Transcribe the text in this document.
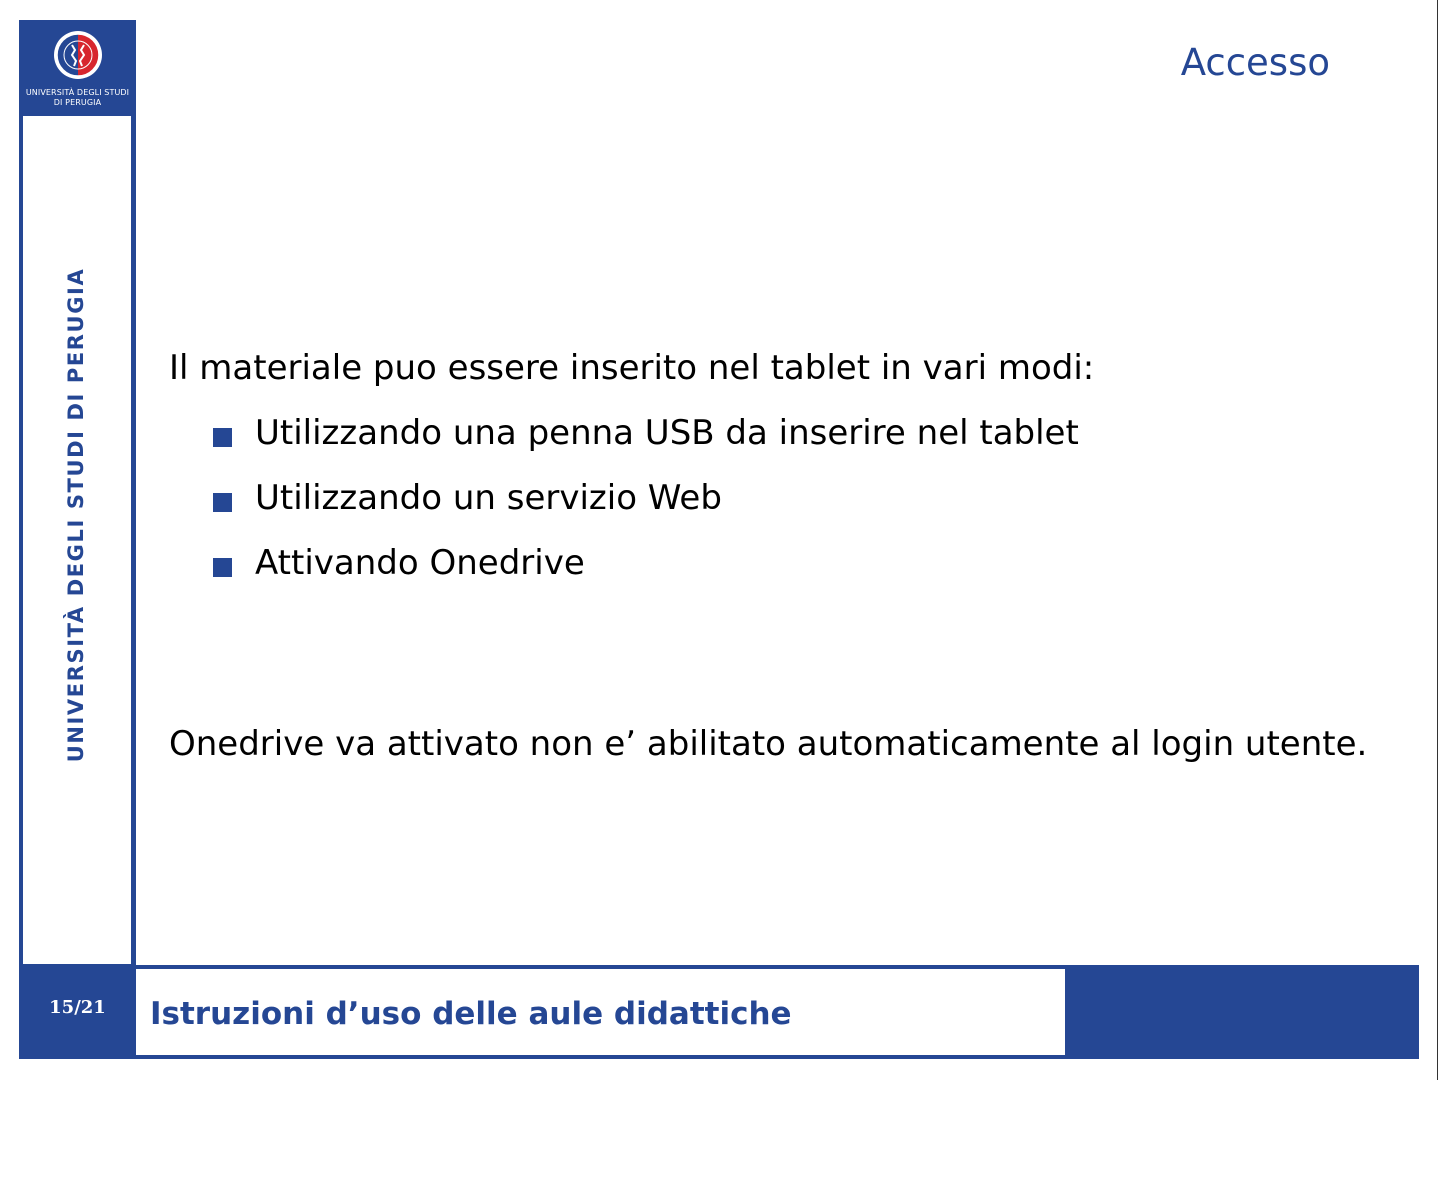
UNIVERSITÀ DEGLI STUDI
DI PERUGIA
UNIVERSITÀ DEGLI STUDI DI PERUGIA
Accesso
Il materiale puo essere inserito nel tablet in vari modi:
Utilizzando una penna USB da inserire nel tablet
Utilizzando un servizio Web
Attivando Onedrive
Onedrive va attivato non e’ abilitato automaticamente al login utente.
15/21	Istruzioni d’uso delle aule didattiche
